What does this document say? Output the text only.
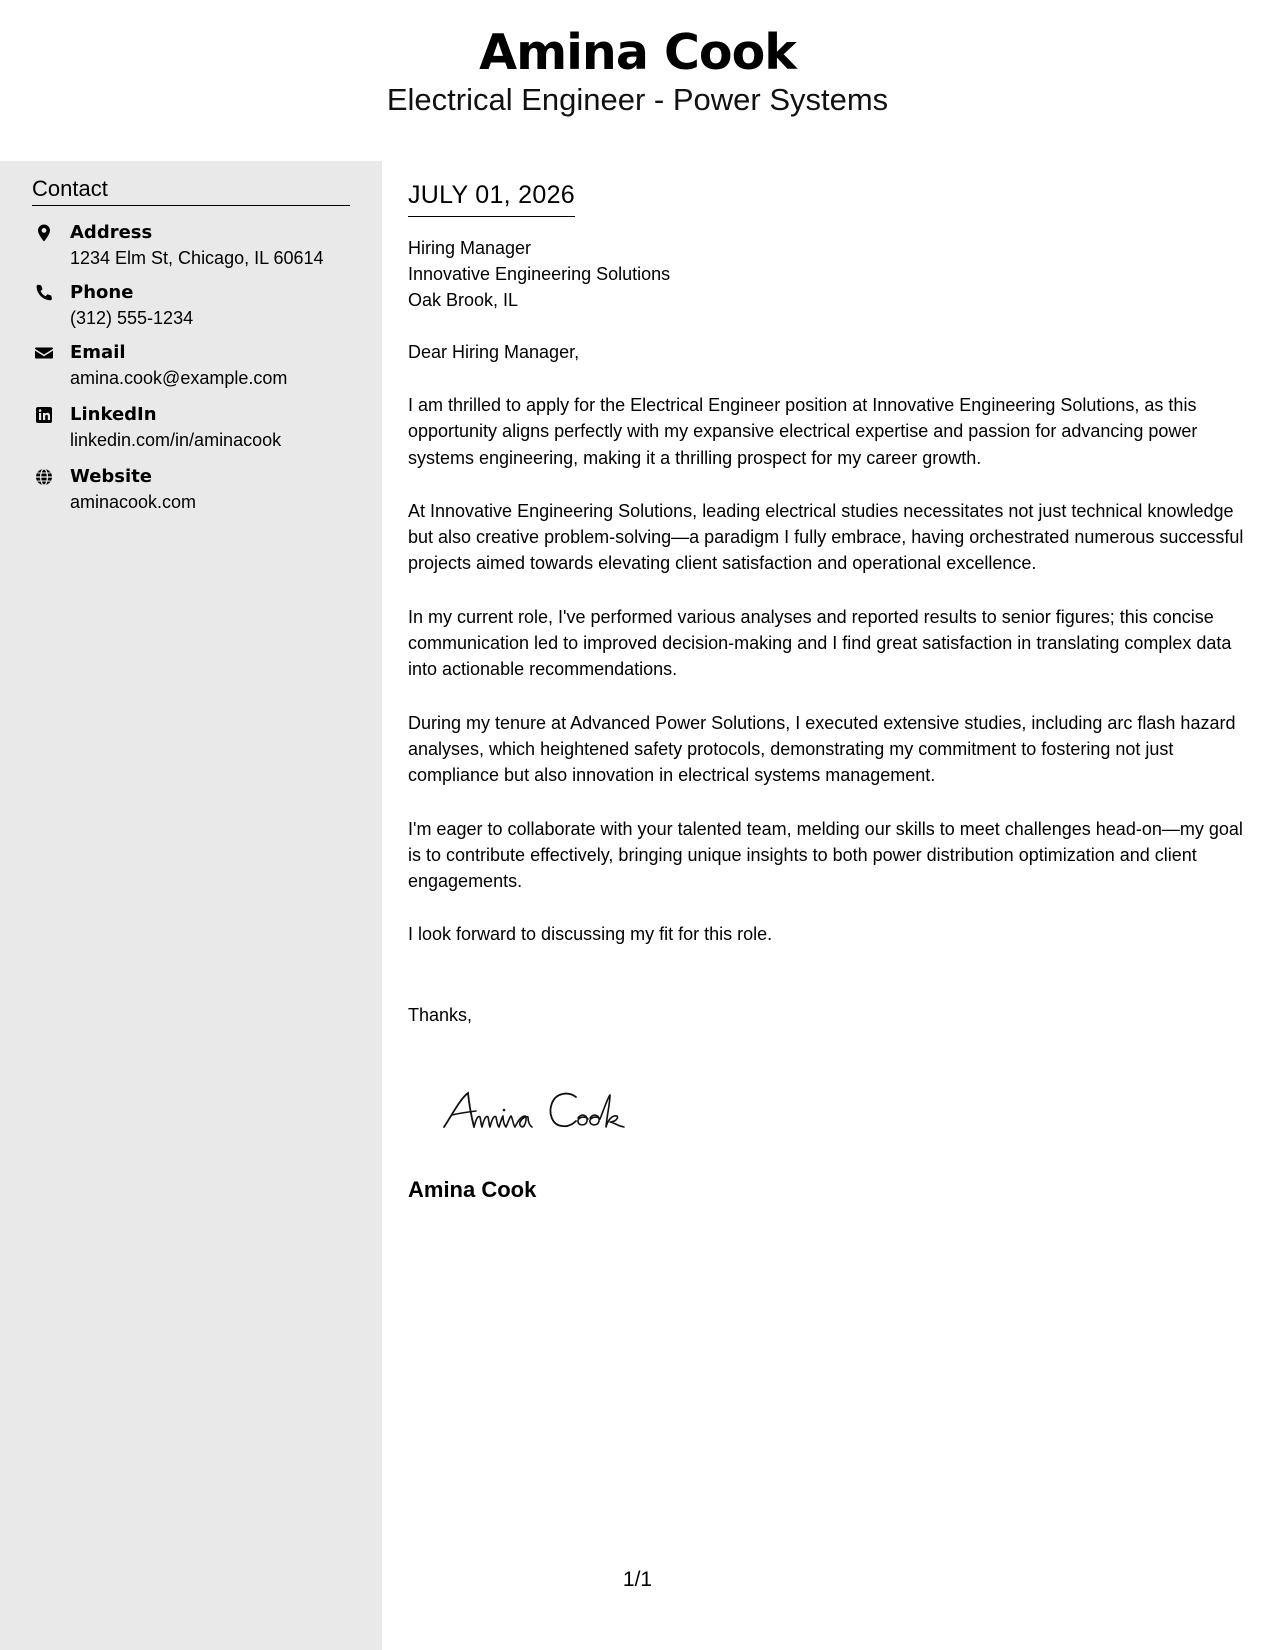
Amina Cook
Electrical Engineer - Power Systems
Contact
Address
1234 Elm St, Chicago, IL 60614
Phone
(312) 555-1234
Email
amina.cook@example.com
LinkedIn
linkedin.com/in/aminacook
Website
aminacook.com
JULY 01, 2026
Hiring Manager
Innovative Engineering Solutions
Oak Brook, IL
Dear Hiring Manager,
I am thrilled to apply for the Electrical Engineer position at Innovative Engineering Solutions, as this opportunity aligns perfectly with my expansive electrical expertise and passion for advancing power systems engineering, making it a thrilling prospect for my career growth.
At Innovative Engineering Solutions, leading electrical studies necessitates not just technical knowledge but also creative problem-solving—a paradigm I fully embrace, having orchestrated numerous successful projects aimed towards elevating client satisfaction and operational excellence.
In my current role, I've performed various analyses and reported results to senior figures; this concise communication led to improved decision-making and I find great satisfaction in translating complex data into actionable recommendations.
During my tenure at Advanced Power Solutions, I executed extensive studies, including arc flash hazard analyses, which heightened safety protocols, demonstrating my commitment to fostering not just compliance but also innovation in electrical systems management.
I'm eager to collaborate with your talented team, melding our skills to meet challenges head-on—my goal is to contribute effectively, bringing unique insights to both power distribution optimization and client engagements.
I look forward to discussing my fit for this role.
Thanks,
Amina Cook
1/1
